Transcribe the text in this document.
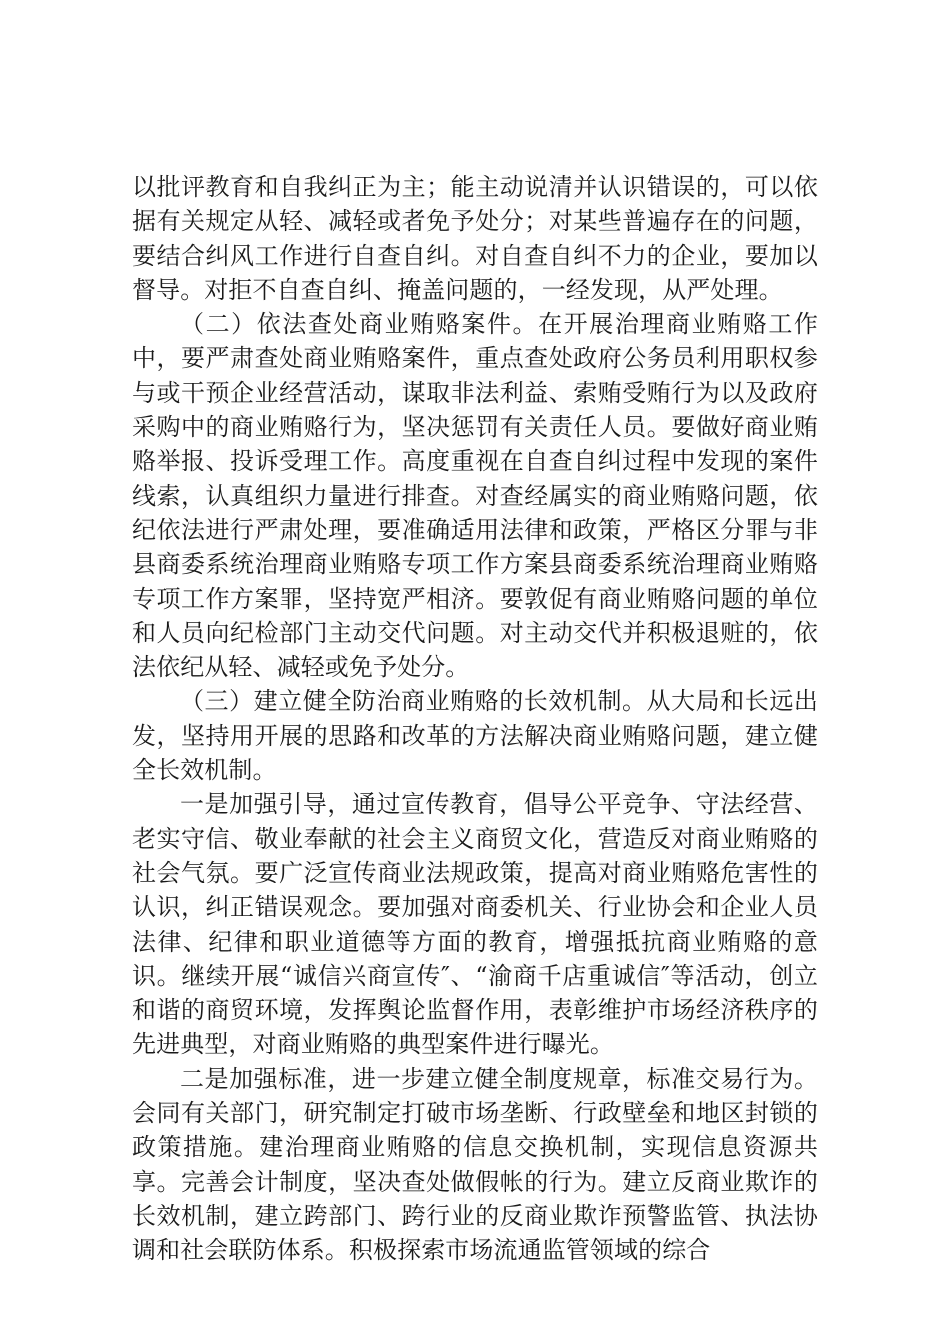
以批评教育和自我纠正为主；能主动说清并认识错误的，可以依据有关规定从轻、减轻或者免予处分；对某些普遍存在的问题，要结合纠风工作进行自查自纠。对自查自纠不力的企业，要加以督导。对拒不自查自纠、掩盖问题的，一经发现，从严处理。

（二）依法查处商业贿赂案件。在开展治理商业贿赂工作中，要严肃查处商业贿赂案件，重点查处政府公务员利用职权参与或干预企业经营活动，谋取非法利益、索贿受贿行为以及政府采购中的商业贿赂行为，坚决惩罚有关责任人员。要做好商业贿赂举报、投诉受理工作。高度重视在自查自纠过程中发现的案件线索，认真组织力量进行排查。对查经属实的商业贿赂问题，依纪依法进行严肃处理，要准确适用法律和政策，严格区分罪与非县商委系统治理商业贿赂专项工作方案县商委系统治理商业贿赂专项工作方案罪，坚持宽严相济。要敦促有商业贿赂问题的单位和人员向纪检部门主动交代问题。对主动交代并积极退赃的，依法依纪从轻、减轻或免予处分。

（三）建立健全防治商业贿赂的长效机制。从大局和长远出发，坚持用开展的思路和改革的方法解决商业贿赂问题，建立健全长效机制。

一是加强引导，通过宣传教育，倡导公平竞争、守法经营、老实守信、敬业奉献的社会主义商贸文化，营造反对商业贿赂的社会气氛。要广泛宣传商业法规政策，提高对商业贿赂危害性的认识，纠正错误观念。要加强对商委机关、行业协会和企业人员法律、纪律和职业道德等方面的教育，增强抵抗商业贿赂的意识。继续开展“诚信兴商宣传″、“渝商千店重诚信″等活动，创立和谐的商贸环境，发挥舆论监督作用，表彰维护市场经济秩序的先进典型，对商业贿赂的典型案件进行曝光。

二是加强标准，进一步建立健全制度规章，标准交易行为。会同有关部门，研究制定打破市场垄断、行政壁垒和地区封锁的政策措施。建治理商业贿赂的信息交换机制，实现信息资源共享。完善会计制度，坚决查处做假帐的行为。建立反商业欺诈的长效机制，建立跨部门、跨行业的反商业欺诈预警监管、执法协调和社会联防体系。积极探索市场流通监管领域的综合
